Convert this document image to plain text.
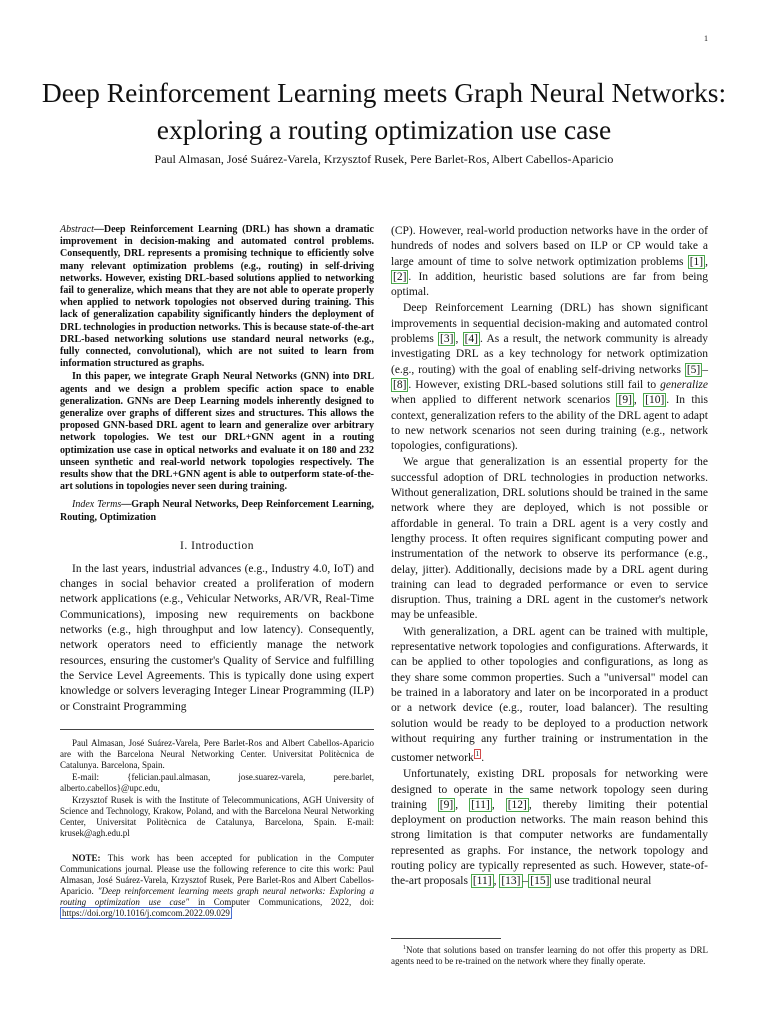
1
Deep Reinforcement Learning meets Graph Neural Networks: exploring a routing optimization use case
Paul Almasan, José Suárez-Varela, Krzysztof Rusek, Pere Barlet-Ros, Albert Cabellos-Aparicio

Abstract—Deep Reinforcement Learning (DRL) has shown a dramatic improvement in decision-making and automated control problems. Consequently, DRL represents a promising technique to efficiently solve many relevant optimization problems (e.g., routing) in self-driving networks. However, existing DRL-based solutions applied to networking fail to generalize, which means that they are not able to operate properly when applied to network topologies not observed during training. This lack of generalization capability significantly hinders the deployment of DRL technologies in production networks. This is because state-of-the-art DRL-based networking solutions use standard neural networks (e.g., fully connected, convolutional), which are not suited to learn from information structured as graphs.

In this paper, we integrate Graph Neural Networks (GNN) into DRL agents and we design a problem specific action space to enable generalization. GNNs are Deep Learning models inherently designed to generalize over graphs of different sizes and structures. This allows the proposed GNN-based DRL agent to learn and generalize over arbitrary network topologies. We test our DRL+GNN agent in a routing optimization use case in optical networks and evaluate it on 180 and 232 unseen synthetic and real-world network topologies respectively. The results show that the DRL+GNN agent is able to outperform state-of-the-art solutions in topologies never seen during training.

Index Terms—Graph Neural Networks, Deep Reinforcement Learning, Routing, Optimization

I. Introduction

In the last years, industrial advances (e.g., Industry 4.0, IoT) and changes in social behavior created a proliferation of modern network applications (e.g., Vehicular Networks, AR/VR, Real-Time Communications), imposing new requirements on backbone networks (e.g., high throughput and low latency). Consequently, network operators need to efficiently manage the network resources, ensuring the customer's Quality of Service and fulfilling the Service Level Agreements. This is typically done using expert knowledge or solvers leveraging Integer Linear Programming (ILP) or Constraint Programming

Paul Almasan, José Suárez-Varela, Pere Barlet-Ros and Albert Cabellos-Aparicio are with the Barcelona Neural Networking Center. Universitat Politècnica de Catalunya. Barcelona, Spain.

E-mail: {felician.paul.almasan, jose.suarez-varela, pere.barlet, alberto.cabellos}@upc.edu,

Krzysztof Rusek is with the Institute of Telecommunications, AGH University of Science and Technology, Krakow, Poland, and with the Barcelona Neural Networking Center, Universitat Politècnica de Catalunya, Barcelona, Spain. E-mail: krusek@agh.edu.pl

NOTE: This work has been accepted for publication in the Computer Communications journal. Please use the following reference to cite this work: Paul Almasan, José Suárez-Varela, Krzysztof Rusek, Pere Barlet-Ros and Albert Cabellos-Aparicio. "Deep reinforcement learning meets graph neural networks: Exploring a routing optimization use case" in Computer Communications, 2022, doi: https://doi.org/10.1016/j.comcom.2022.09.029

(CP). However, real-world production networks have in the order of hundreds of nodes and solvers based on ILP or CP would take a large amount of time to solve network optimization problems [1] , [2] . In addition, heuristic based solutions are far from being optimal.

Deep Reinforcement Learning (DRL) has shown significant improvements in sequential decision-making and automated control problems [3] , [4] . As a result, the network community is already investigating DRL as a key technology for network optimization (e.g., routing) with the goal of enabling self-driving networks [5] –[8] . However, existing DRL-based solutions still fail to generalize when applied to different network scenarios [9] , [10] . In this context, generalization refers to the ability of the DRL agent to adapt to new network scenarios not seen during training (e.g., network topologies, configurations).

We argue that generalization is an essential property for the successful adoption of DRL technologies in production networks. Without generalization, DRL solutions should be trained in the same network where they are deployed, which is not possible or affordable in general. To train a DRL agent is a very costly and lengthy process. It often requires significant computing power and instrumentation of the network to observe its performance (e.g., delay, jitter). Additionally, decisions made by a DRL agent during training can lead to degraded performance or even to service disruption. Thus, training a DRL agent in the customer's network may be unfeasible.

With generalization, a DRL agent can be trained with multiple, representative network topologies and configurations. Afterwards, it can be applied to other topologies and configurations, as long as they share some common properties. Such a "universal" model can be trained in a laboratory and later on be incorporated in a product or a network device (e.g., router, load balancer). The resulting solution would be ready to be deployed to a production network without requiring any further training or instrumentation in the customer network $^1$ .

Unfortunately, existing DRL proposals for networking were designed to operate in the same network topology seen during training [9] , [11] , [12] , thereby limiting their potential deployment on production networks. The main reason behind this strong limitation is that computer networks are fundamentally represented as graphs. For instance, the network topology and routing policy are typically represented as such. However, state-of-the-art proposals [11] , [13] – [15] use traditional neural

$^1$Note that solutions based on transfer learning do not offer this property as DRL agents need to be re-trained on the network where they finally operate.
